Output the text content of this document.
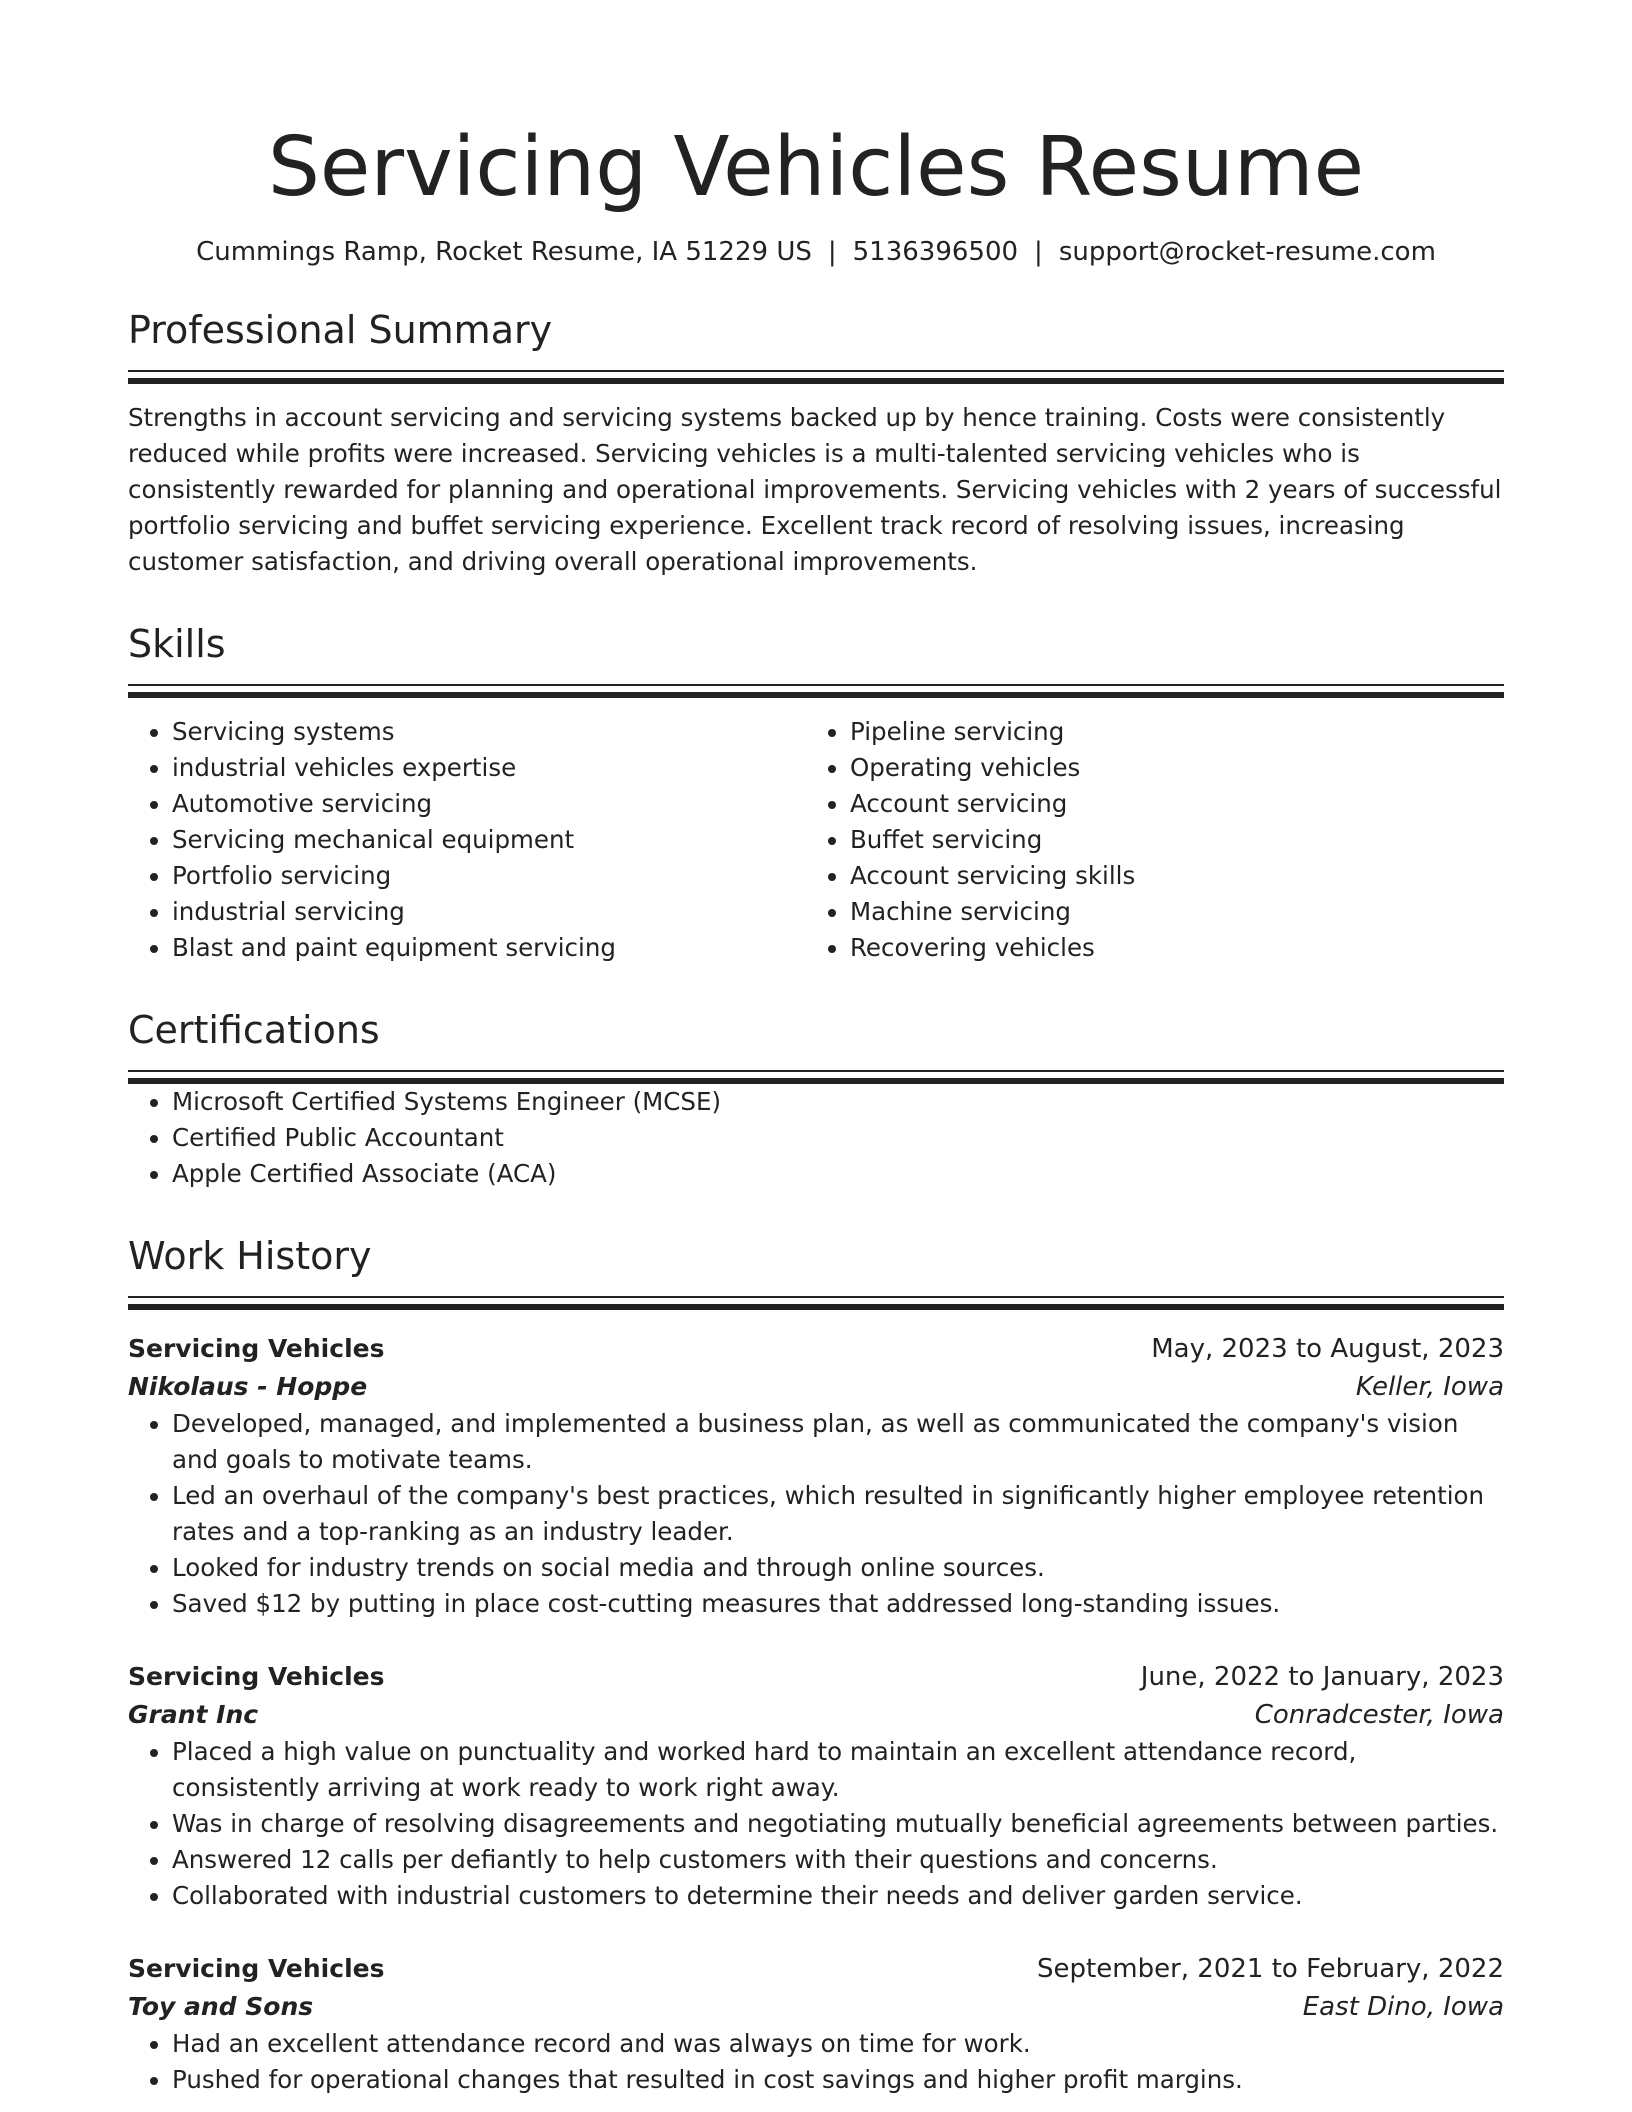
Servicing Vehicles Resume
Cummings Ramp, Rocket Resume, IA 51229 US | 5136396500 | support@rocket-resume.com
Professional Summary
Strengths in account servicing and servicing systems backed up by hence training. Costs were consistently reduced while profits were increased. Servicing vehicles is a multi-talented servicing vehicles who is consistently rewarded for planning and operational improvements. Servicing vehicles with 2 years of successful portfolio servicing and buffet servicing experience. Excellent track record of resolving issues, increasing customer satisfaction, and driving overall operational improvements.
Skills
• Servicing systems
• industrial vehicles expertise
• Automotive servicing
• Servicing mechanical equipment
• Portfolio servicing
• industrial servicing
• Blast and paint equipment servicing
• Pipeline servicing
• Operating vehicles
• Account servicing
• Buffet servicing
• Account servicing skills
• Machine servicing
• Recovering vehicles
Certifications
• Microsoft Certified Systems Engineer (MCSE)
• Certified Public Accountant
• Apple Certified Associate (ACA)
Work History
Servicing Vehicles	May, 2023 to August, 2023
Nikolaus - Hoppe	Keller, Iowa
• Developed, managed, and implemented a business plan, as well as communicated the company's vision and goals to motivate teams.
• Led an overhaul of the company's best practices, which resulted in significantly higher employee retention rates and a top-ranking as an industry leader.
• Looked for industry trends on social media and through online sources.
• Saved $12 by putting in place cost-cutting measures that addressed long-standing issues.
Servicing Vehicles	June, 2022 to January, 2023
Grant Inc	Conradcester, Iowa
• Placed a high value on punctuality and worked hard to maintain an excellent attendance record, consistently arriving at work ready to work right away.
• Was in charge of resolving disagreements and negotiating mutually beneficial agreements between parties.
• Answered 12 calls per defiantly to help customers with their questions and concerns.
• Collaborated with industrial customers to determine their needs and deliver garden service.
Servicing Vehicles	September, 2021 to February, 2022
Toy and Sons	East Dino, Iowa
• Had an excellent attendance record and was always on time for work.
• Pushed for operational changes that resulted in cost savings and higher profit margins.
